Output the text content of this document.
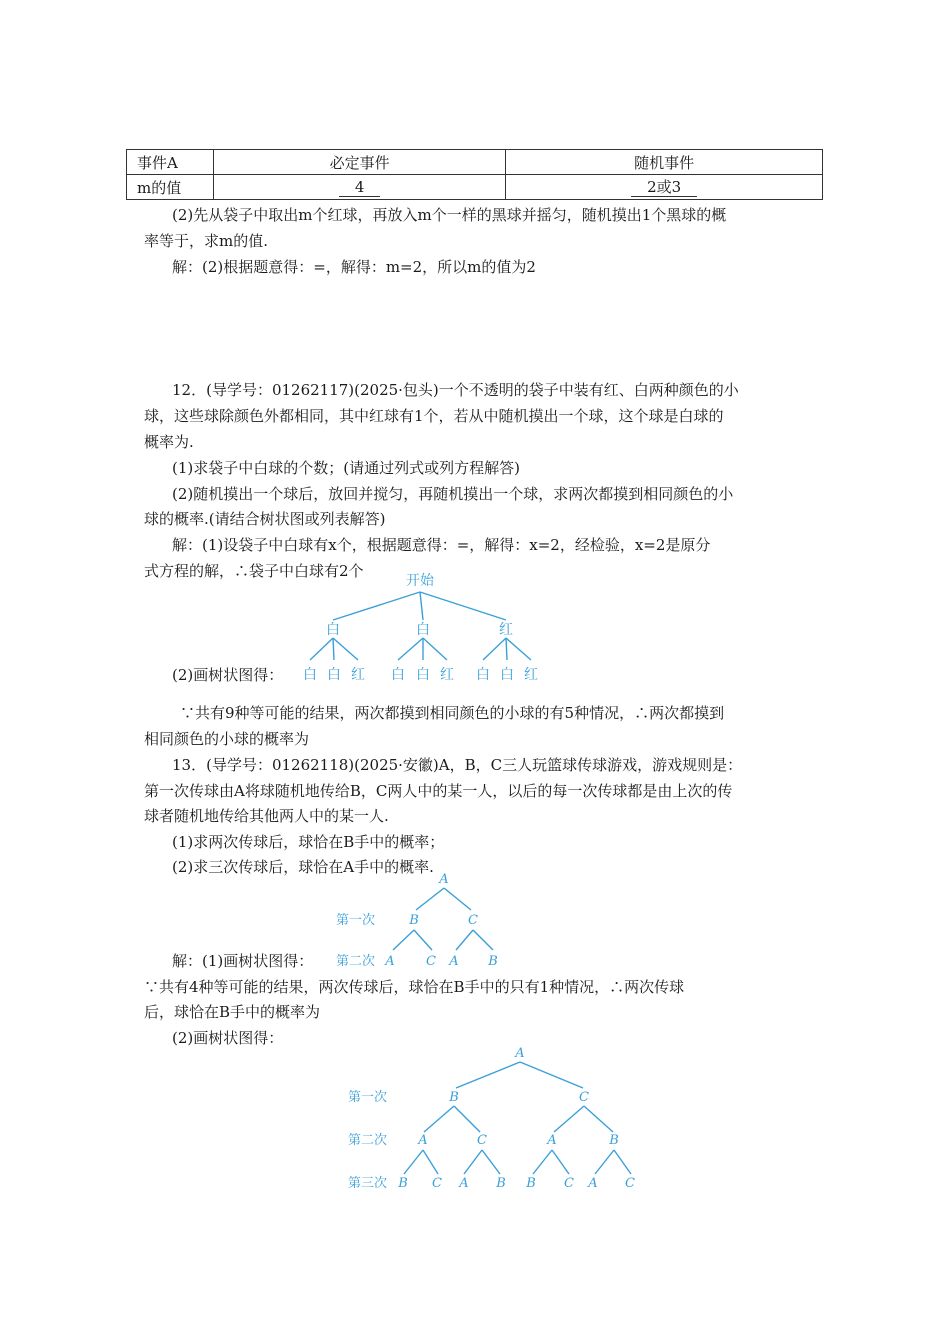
事件A	必定事件	随机事件
m的值	4	2或3
(2)先从袋子中取出m个红球，再放入m个一样的黑球并摇匀，随机摸出1个黑球的概
率等于，求m的值.
解：(2)根据题意得：=，解得：m=2，所以m的值为2
12．(导学号：01262117)(2025·包头)一个不透明的袋子中装有红、白两种颜色的小
球，这些球除颜色外都相同，其中红球有1个，若从中随机摸出一个球，这个球是白球的
概率为.
(1)求袋子中白球的个数；(请通过列式或列方程解答)
(2)随机摸出一个球后，放回并搅匀，再随机摸出一个球，求两次都摸到相同颜色的小
球的概率.(请结合树状图或列表解答)
解：(1)设袋子中白球有x个，根据题意得：=，解得：x=2，经检验，x=2是原分
式方程的解，∴袋子中白球有2个
开始
白	白	红
白 白 红 白 白 红 白 白 红
(2)画树状图得：
∵共有9种等可能的结果，两次都摸到相同颜色的小球的有5种情况，∴两次都摸到
相同颜色的小球的概率为
13．(导学号：01262118)(2025·安徽)A，B，C三人玩篮球传球游戏，游戏规则是：
第一次传球由A将球随机地传给B，C两人中的某一人，以后的每一次传球都是由上次的传
球者随机地传给其他两人中的某一人.
(1)求两次传球后，球恰在B手中的概率；
(2)求三次传球后，球恰在A手中的概率.
A
第一次	B	C
第二次 A C A B
解：(1)画树状图得：
∵共有4种等可能的结果，两次传球后，球恰在B手中的只有1种情况，∴两次传球
后，球恰在B手中的概率为
(2)画树状图得：
A
第一次	B	C
第二次 A	C	A	B
第三次 B C A B B C A C
